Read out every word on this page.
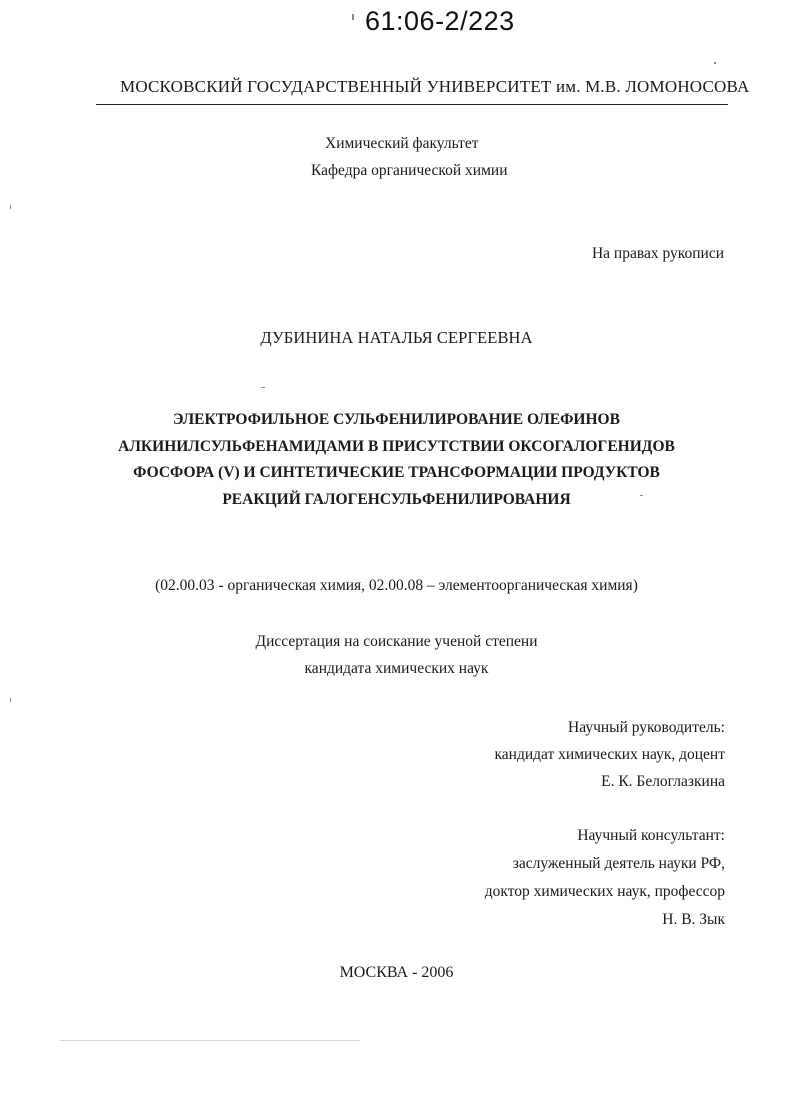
61:06-2/223
МОСКОВСКИЙ ГОСУДАРСТВЕННЫЙ УНИВЕРСИТЕТ им. М.В. ЛОМОНОСОВА
Химический факультет
Кафедра органической химии
На правах рукописи
ДУБИНИНА НАТАЛЬЯ СЕРГЕЕВНА
ЭЛЕКТРОФИЛЬНОЕ СУЛЬФЕНИЛИРОВАНИЕ ОЛЕФИНОВ
АЛКИНИЛСУЛЬФЕНАМИДАМИ В ПРИСУТСТВИИ ОКСОГАЛОГЕНИДОВ
ФОСФОРА (V) И СИНТЕТИЧЕСКИЕ ТРАНСФОРМАЦИИ ПРОДУКТОВ
РЕАКЦИЙ ГАЛОГЕНСУЛЬФЕНИЛИРОВАНИЯ
(02.00.03 - органическая химия, 02.00.08 – элементоорганическая химия)
Диссертация на соискание ученой степени
кандидата химических наук
Научный руководитель:
кандидат химических наук, доцент
Е. К. Белоглазкина
Научный консультант:
заслуженный деятель науки РФ,
доктор химических наук, профессор
Н. В. Зык
МОСКВА - 2006
